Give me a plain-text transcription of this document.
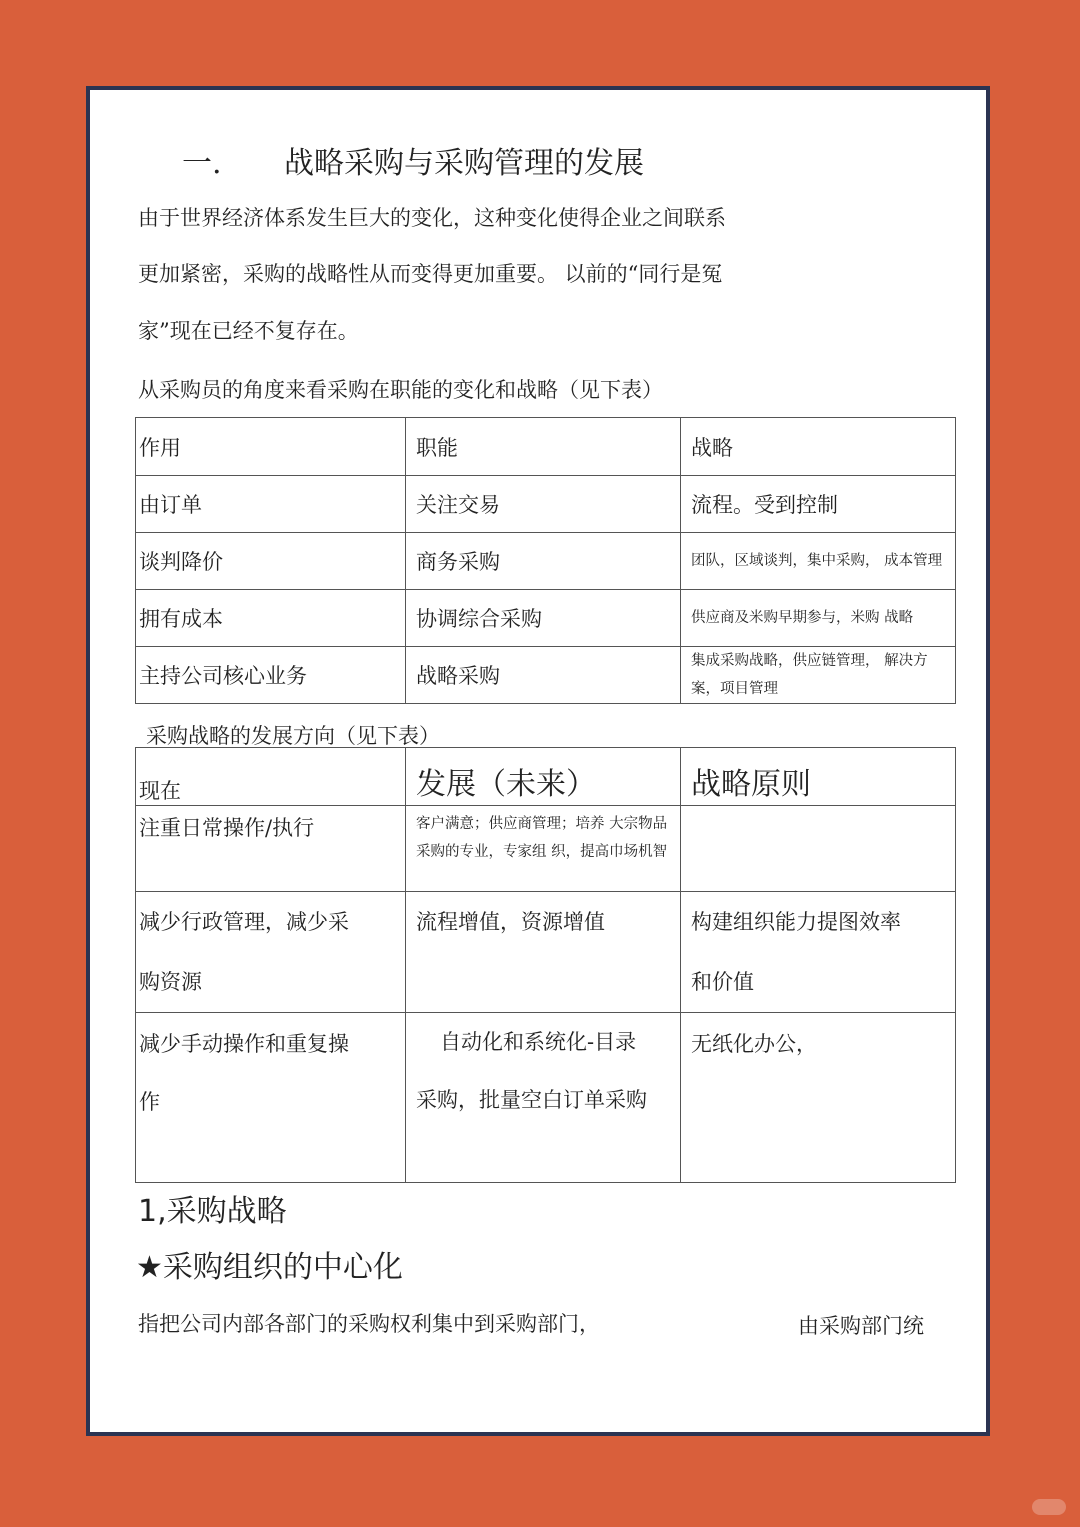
一. 战略采购与采购管理的发展
由于世界经济体系发生巨大的变化，这种变化使得企业之间联系
更加紧密，采购的战略性从而变得更加重要。 以前的“同行是冤
家”现在已经不复存在。
从采购员的角度来看采购在职能的变化和战略（见下表）
作用	职能	战略
由订单	关注交易	流程。受到控制
谈判降价	商务采购	团队，区域谈判，集中采购， 成本管理
拥有成本	协调综合采购	供应商及米购早期参与，米购 战略
主持公司核心业务	战略采购	集成采购战略，供应链管理， 解决方案，项目管理
采购战略的发展方向（见下表）
现在	发展（未来）	战略原则
注重日常操作/执行	客户满意；供应商管理；培养 大宗物品采购的专业，专家组 织，提高巾场机智	
减少行政管理，减少采购资源	流程增值，资源增值	构建组织能力提图效率和价值
减少手动操作和重复操作	自动化和系统化-目录采购，批量空白订单采购	无纸化办公，
1,采购战略
★采购组织的中心化
指把公司内部各部门的采购权利集中到采购部门，	由采购部门统
